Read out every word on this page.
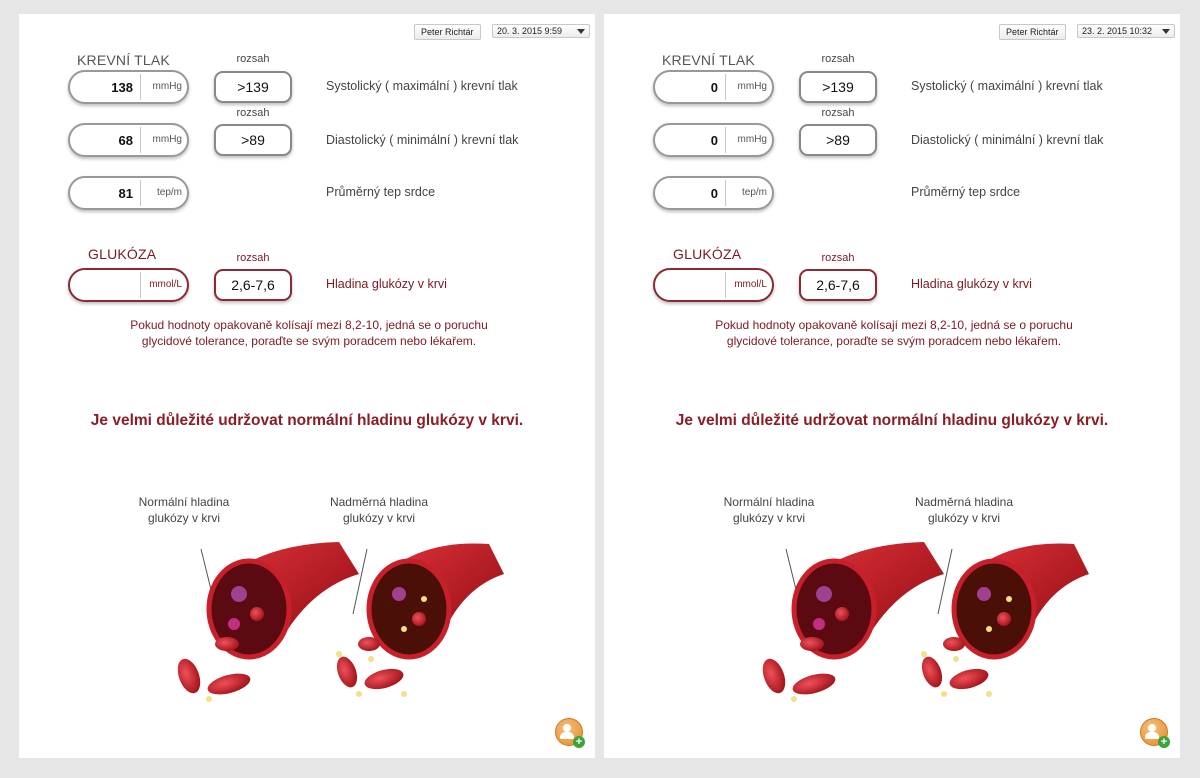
Peter Richtár	20. 3. 2015 9:59
KREVNÍ TLAK	rozsah
138 mmHg	>139	Systolický ( maximální ) krevní tlak
rozsah
68 mmHg	>89	Diastolický ( minimální ) krevní tlak
81 tep/m	Průměrný tep srdce
GLUKÓZA	rozsah
mmol/L	2,6-7,6	Hladina glukózy v krvi
Pokud hodnoty opakovaně kolísají mezi 8,2-10, jedná se o poruchu
glycidové tolerance, poraďte se svým poradcem nebo lékařem.
Je velmi důležité udržovat normální hladinu glukózy v krvi.
Normální hladina
glukózy v krvi
Nadměrná hladina
glukózy v krvi
+
Peter Richtár	23. 2. 2015 10:32
KREVNÍ TLAK	rozsah
0 mmHg	>139	Systolický ( maximální ) krevní tlak
rozsah
0 mmHg	>89	Diastolický ( minimální ) krevní tlak
0 tep/m	Průměrný tep srdce
GLUKÓZA	rozsah
mmol/L	2,6-7,6	Hladina glukózy v krvi
Pokud hodnoty opakovaně kolísají mezi 8,2-10, jedná se o poruchu
glycidové tolerance, poraďte se svým poradcem nebo lékařem.
Je velmi důležité udržovat normální hladinu glukózy v krvi.
Normální hladina
glukózy v krvi
Nadměrná hladina
glukózy v krvi
+
